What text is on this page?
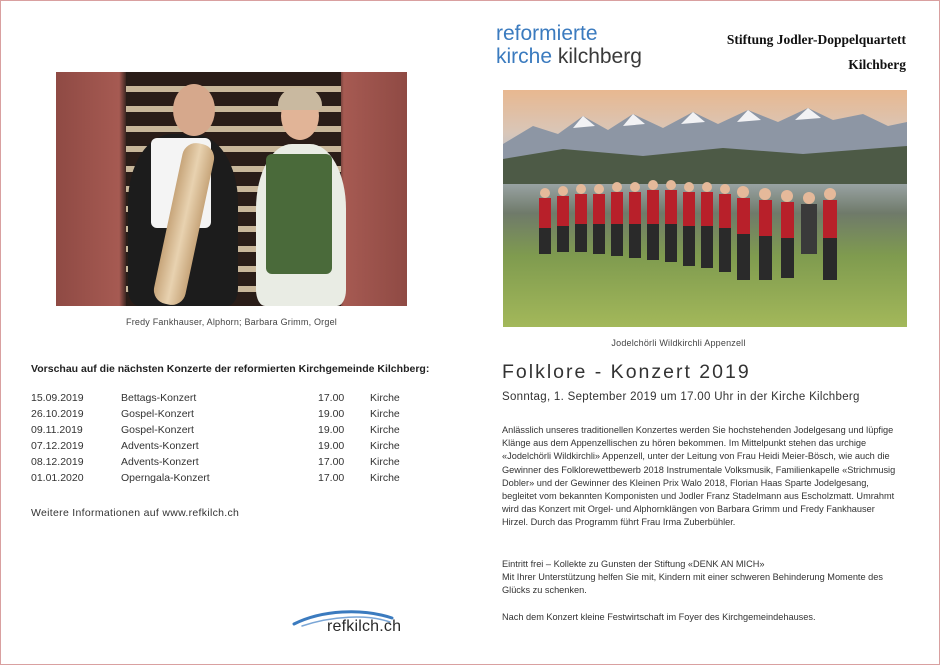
Fredy Fankhauser, Alphorn; Barbara Grimm, Orgel
Vorschau auf die nächsten Konzerte der reformierten Kirchgemeinde Kilchberg:
15.09.2019	Bettags-Konzert	17.00 Kirche
26.10.2019	Gospel-Konzert	19.00 Kirche
09.11.2019	Gospel-Konzert	19.00 Kirche
07.12.2019	Advents-Konzert	19.00 Kirche
08.12.2019	Advents-Konzert	17.00 Kirche
01.01.2020	Operngala-Konzert	17.00 Kirche
Weitere Informationen auf www.refkilch.ch
refkilch.ch
reformierte
kirche kilchberg
Stiftung Jodler-Doppelquartett
Kilchberg
Jodelchörli Wildkirchli Appenzell
Folklore - Konzert 2019
Sonntag, 1. September 2019 um 17.00 Uhr in der Kirche Kilchberg
Anlässlich unseres traditionellen Konzertes werden Sie hochstehenden Jodelgesang und lüpfige Klänge aus dem Appenzellischen zu hören bekommen. Im Mittelpunkt stehen das urchige «Jodelchörli Wildkirchli» Appenzell, unter der Leitung von Frau Heidi Meier-Bösch, wie auch die Gewinner des Folklorewettbewerb 2018 Instrumentale Volksmusik, Familienkapelle «Strichmusig Dobler» und der Gewinner des Kleinen Prix Walo 2018, Florian Haas Sparte Jodelgesang, begleitet vom bekannten Komponisten und Jodler Franz Stadelmann aus Escholzmatt. Umrahmt wird das Konzert mit Orgel- und Alphornklängen von Barbara Grimm und Fredy Fankhauser Hirzel. Durch das Programm führt Frau Irma Zuberbühler.
Eintritt frei – Kollekte zu Gunsten der Stiftung «DENK AN MICH»
Mit Ihrer Unterstützung helfen Sie mit, Kindern mit einer schweren Behinderung Momente des Glücks zu schenken.
Nach dem Konzert kleine Festwirtschaft im Foyer des Kirchgemeindehauses.
